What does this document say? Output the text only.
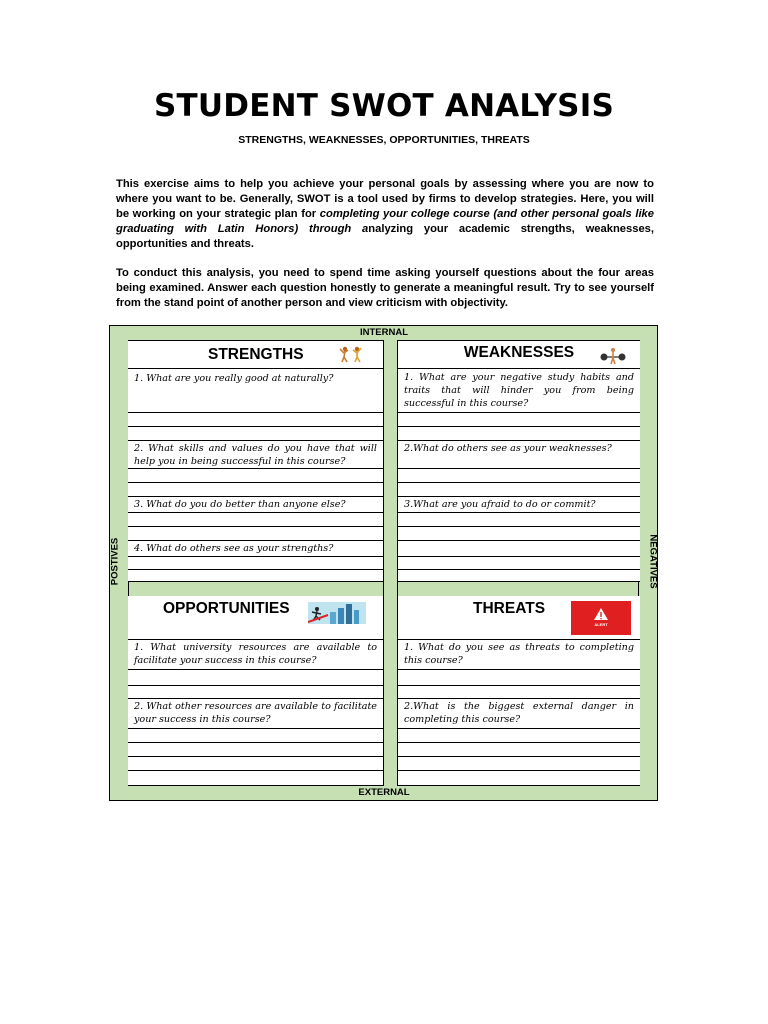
STUDENT SWOT ANALYSIS
STRENGTHS, WEAKNESSES, OPPORTUNITIES, THREATS
This exercise aims to help you achieve your personal goals by assessing where you are now to where you want to be. Generally, SWOT is a tool used by firms to develop strategies. Here, you will be working on your strategic plan for completing your college course (and other personal goals like graduating with Latin Honors) through analyzing your academic strengths, weaknesses, opportunities and threats.
To conduct this analysis, you need to spend time asking yourself questions about the four areas being examined. Answer each question honestly to generate a meaningful result. Try to see yourself from the stand point of another person and view criticism with objectivity.
POSTIVES	NEGATIVES
INTERNAL
EXTERNAL
STRENGTHS
1. What are you really good at naturally?
2. What skills and values do you have that will help you in being successful in this course?
3. What do you do better than anyone else?
4. What do others see as your strengths?
WEAKNESSES
1. What are your negative study habits and traits that will hinder you from being successful in this course?
2.What do others see as your weaknesses?
3.What are you afraid to do or commit?
OPPORTUNITIES
1. What university resources are available to facilitate your success in this course?
2. What other resources are available to facilitate your success in this course?
THREATS
ALERT
1. What do you see as threats to completing this course?
2.What is the biggest external danger in completing this course?
